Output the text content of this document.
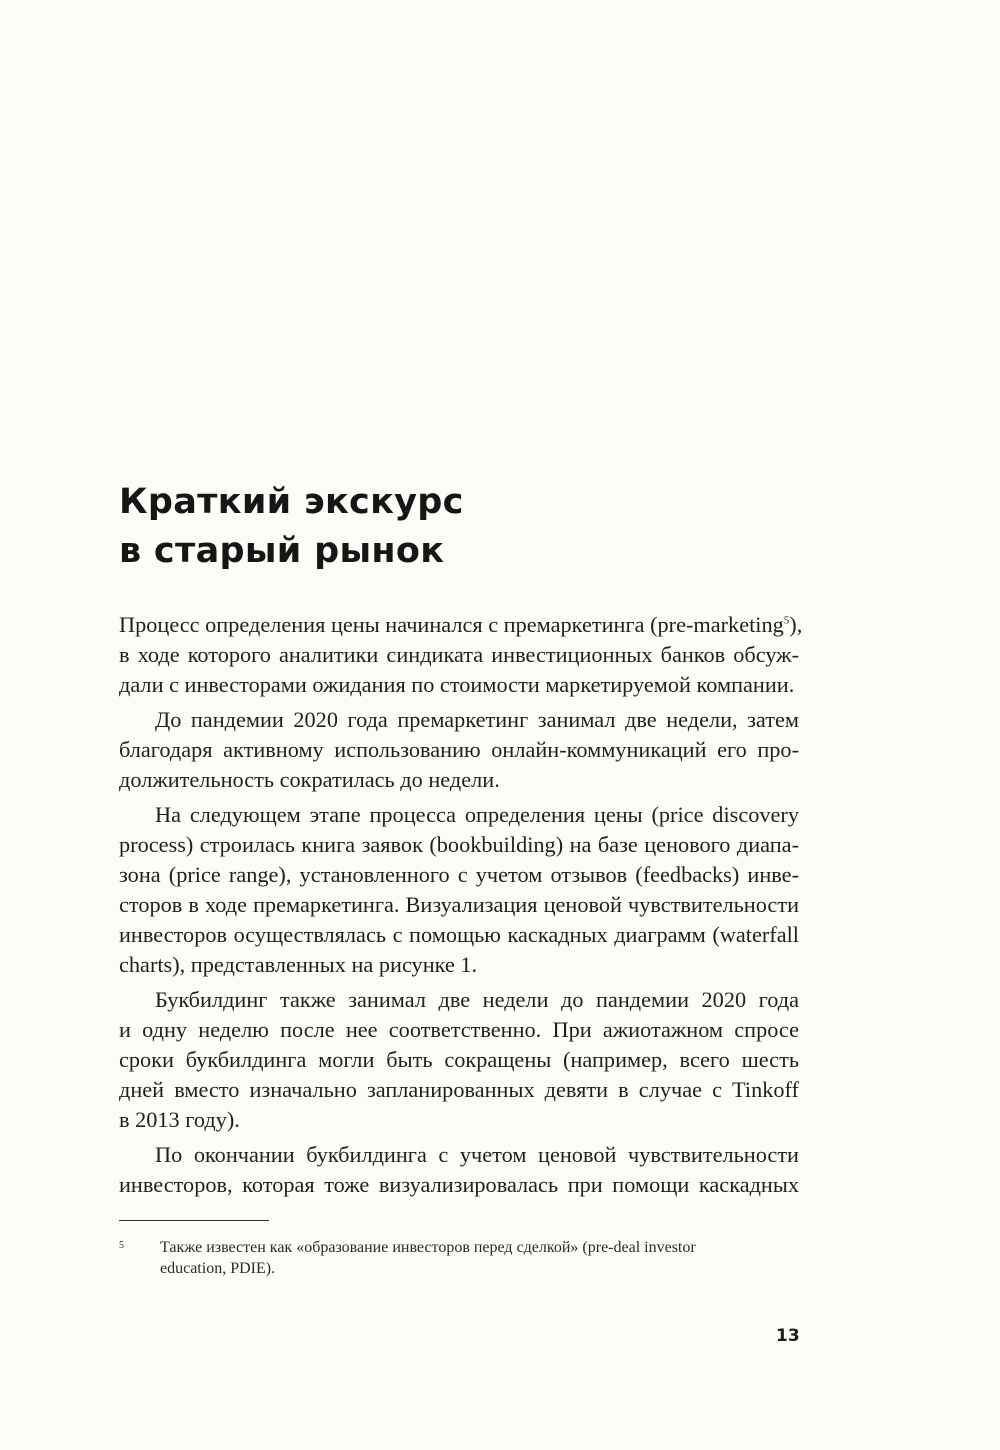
Краткий экскурс
в старый рынок

Процесс определения цены начинался с премаркетинга (pre-marketing$^5$),
в ходе которого аналитики синдиката инвестиционных банков обсуж-
дали с инвесторами ожидания по стоимости маркетируемой компании.

До пандемии 2020 года премаркетинг занимал две недели, затем
благодаря активному использованию онлайн-коммуникаций его про-
должительность сократилась до недели.

На следующем этапе процесса определения цены (price discovery
process) строилась книга заявок (bookbuilding) на базе ценового диапа-
зона (price range), установленного с учетом отзывов (feedbacks) инве-
сторов в ходе премаркетинга. Визуализация ценовой чувствительности
инвесторов осуществлялась с помощью каскадных диаграмм (waterfall
charts), представленных на рисунке 1.

Букбилдинг также занимал две недели до пандемии 2020 года
и одну неделю после нее соответственно. При ажиотажном спросе
сроки букбилдинга могли быть сокращены (например, всего шесть
дней вместо изначально запланированных девяти в случае с Tinkoff
в 2013 году).

По окончании букбилдинга с учетом ценовой чувствительности
инвесторов, которая тоже визуализировалась при помощи каскадных

5 Также известен как «образование инвесторов перед сделкой» (pre-deal investor
education, PDIE).
13
